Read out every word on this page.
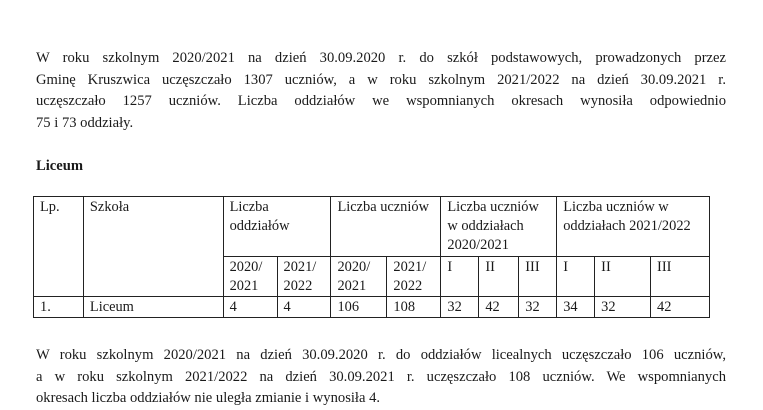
W roku szkolnym 2020/2021 na dzień 30.09.2020 r. do szkół podstawowych, prowadzonych przez
Gminę Kruszwica uczęszczało 1307 uczniów, a w roku szkolnym 2021/2022 na dzień 30.09.2021 r.
uczęszczało 1257 uczniów. Liczba oddziałów we wspomnianych okresach wynosiła odpowiednio
75 i 73 oddziały.

Liceum

Lp.	Szkoła	Liczba oddziałów		Liczba uczniów		Liczba uczniów w oddziałach 2020/2021			Liczba uczniów w oddziałach 2021/2022		
		2020/ 2021	2021/ 2022	2020/ 2021	2021/ 2022	I	II	III	I	II	III
1.	Liceum	4	4	106	108	32	42	32	34	32	42
W roku szkolnym 2020/2021 na dzień 30.09.2020 r. do oddziałów licealnych uczęszczało 106 uczniów,
a w roku szkolnym 2021/2022 na dzień 30.09.2021 r. uczęszczało 108 uczniów. We wspomnianych
okresach liczba oddziałów nie uległa zmianie i wynosiła 4.
